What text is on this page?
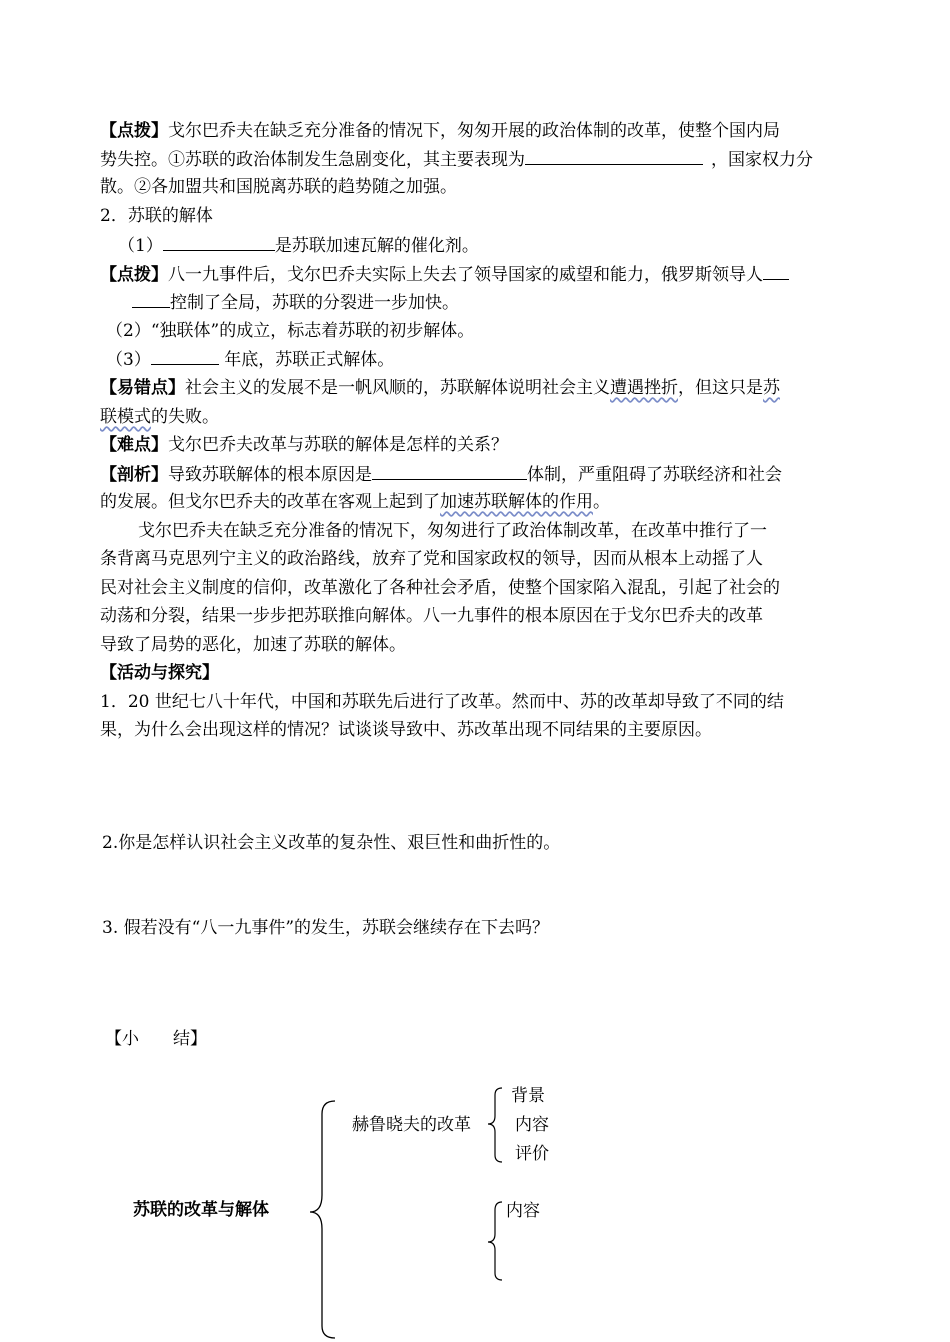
【点拨】戈尔巴乔夫在缺乏充分准备的情况下，匆匆开展的政治体制的改革，使整个国内局
势失控。①苏联的政治体制发生急剧变化，其主要表现为	，国家权力分
散。②各加盟共和国脱离苏联的趋势随之加强。
2．苏联的解体
（1）	是苏联加速瓦解的催化剂。
【点拨】八一九事件后，戈尔巴乔夫实际上失去了领导国家的威望和能力，俄罗斯领导人
控制了全局，苏联的分裂进一步加快。
（2）“独联体”的成立，标志着苏联的初步解体。
（3）	年底，苏联正式解体。
【易错点】社会主义的发展不是一帆风顺的，苏联解体说明社会主义遭遇挫折，但这只是苏
联模式的失败。
【难点】戈尔巴乔夫改革与苏联的解体是怎样的关系？
【剖析】导致苏联解体的根本原因是	体制，严重阻碍了苏联经济和社会
的发展。但戈尔巴乔夫的改革在客观上起到了加速苏联解体的作用。
戈尔巴乔夫在缺乏充分准备的情况下，匆匆进行了政治体制改革，在改革中推行了一
条背离马克思列宁主义的政治路线，放弃了党和国家政权的领导，因而从根本上动摇了人
民对社会主义制度的信仰，改革激化了各种社会矛盾，使整个国家陷入混乱，引起了社会的
动荡和分裂，结果一步步把苏联推向解体。八一九事件的根本原因在于戈尔巴乔夫的改革
导致了局势的恶化，加速了苏联的解体。
【活动与探究】
1．20 世纪七八十年代，中国和苏联先后进行了改革。然而中、苏的改革却导致了不同的结
果，为什么会出现这样的情况？试谈谈导致中、苏改革出现不同结果的主要原因。
2.你是怎样认识社会主义改革的复杂性、艰巨性和曲折性的。
3. 假若没有“八一九事件”的发生，苏联会继续存在下去吗？
【小　　结】
苏联的改革与解体
赫鲁晓夫的改革
背景
内容
评价
内容
